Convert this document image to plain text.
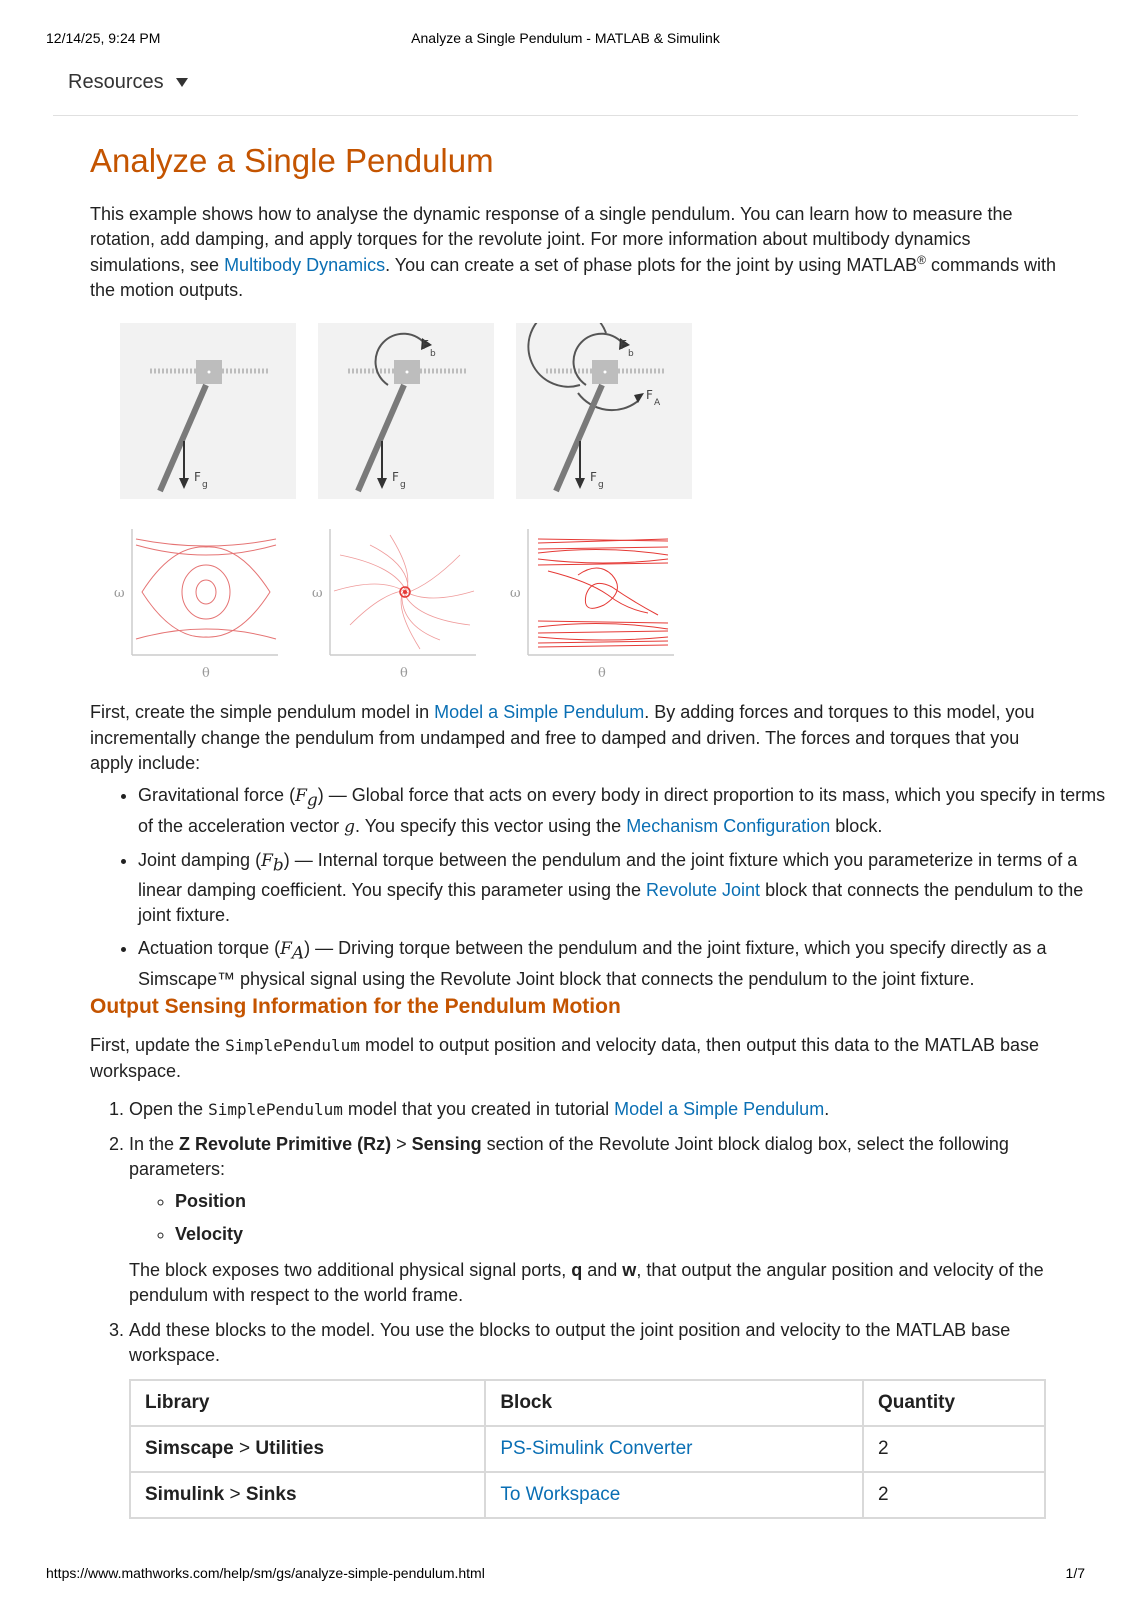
12/14/25, 9:24 PM	Analyze a Single Pendulum - MATLAB & Simulink
Resources
Analyze a Single Pendulum

This example shows how to analyse the dynamic response of a single pendulum. You can learn how to measure the rotation, add damping, and apply torques for the revolute joint. For more information about multibody dynamics simulations, see Multibody Dynamics. You can create a set of phase plots for the joint by using MATLAB® commands with the motion outputs.

F
g
F
b
F
g
F
b
F
A
F
g
ω
θ
ω
θ
ω
θ

First, create the simple pendulum model in Model a Simple Pendulum. By adding forces and torques to this model, you incrementally change the pendulum from undamped and free to damped and driven. The forces and torques that you apply include:

• Gravitational force $(F_g)$ — Global force that acts on every body in direct proportion to its mass, which you specify in terms of the acceleration vector g. You specify this vector using the Mechanism Configuration block.
• Joint damping $(F_b)$ — Internal torque between the pendulum and the joint fixture which you parameterize in terms of a linear damping coefficient. You specify this parameter using the Revolute Joint block that connects the pendulum to the joint fixture.
• Actuation torque $(F_A)$ — Driving torque between the pendulum and the joint fixture, which you specify directly as a Simscape™ physical signal using the Revolute Joint block that connects the pendulum to the joint fixture.
Output Sensing Information for the Pendulum Motion

First, update the SimplePendulum model to output position and velocity data, then output this data to the MATLAB base workspace.

1. Open the SimplePendulum model that you created in tutorial Model a Simple Pendulum.
2. In the Z Revolute Primitive (Rz) > Sensing section of the Revolute Joint block dialog box, select the following parameters:
◦ Position
◦ Velocity

The block exposes two additional physical signal ports, q and w, that output the angular position and velocity of the pendulum with respect to the world frame.

3. Add these blocks to the model. You use the blocks to output the joint position and velocity to the MATLAB base workspace.
Library	Block	Quantity
Simscape > Utilities	PS-Simulink Converter	2
Simulink > Sinks	To Workspace	2
https://www.mathworks.com/help/sm/gs/analyze-simple-pendulum.html	1/7
